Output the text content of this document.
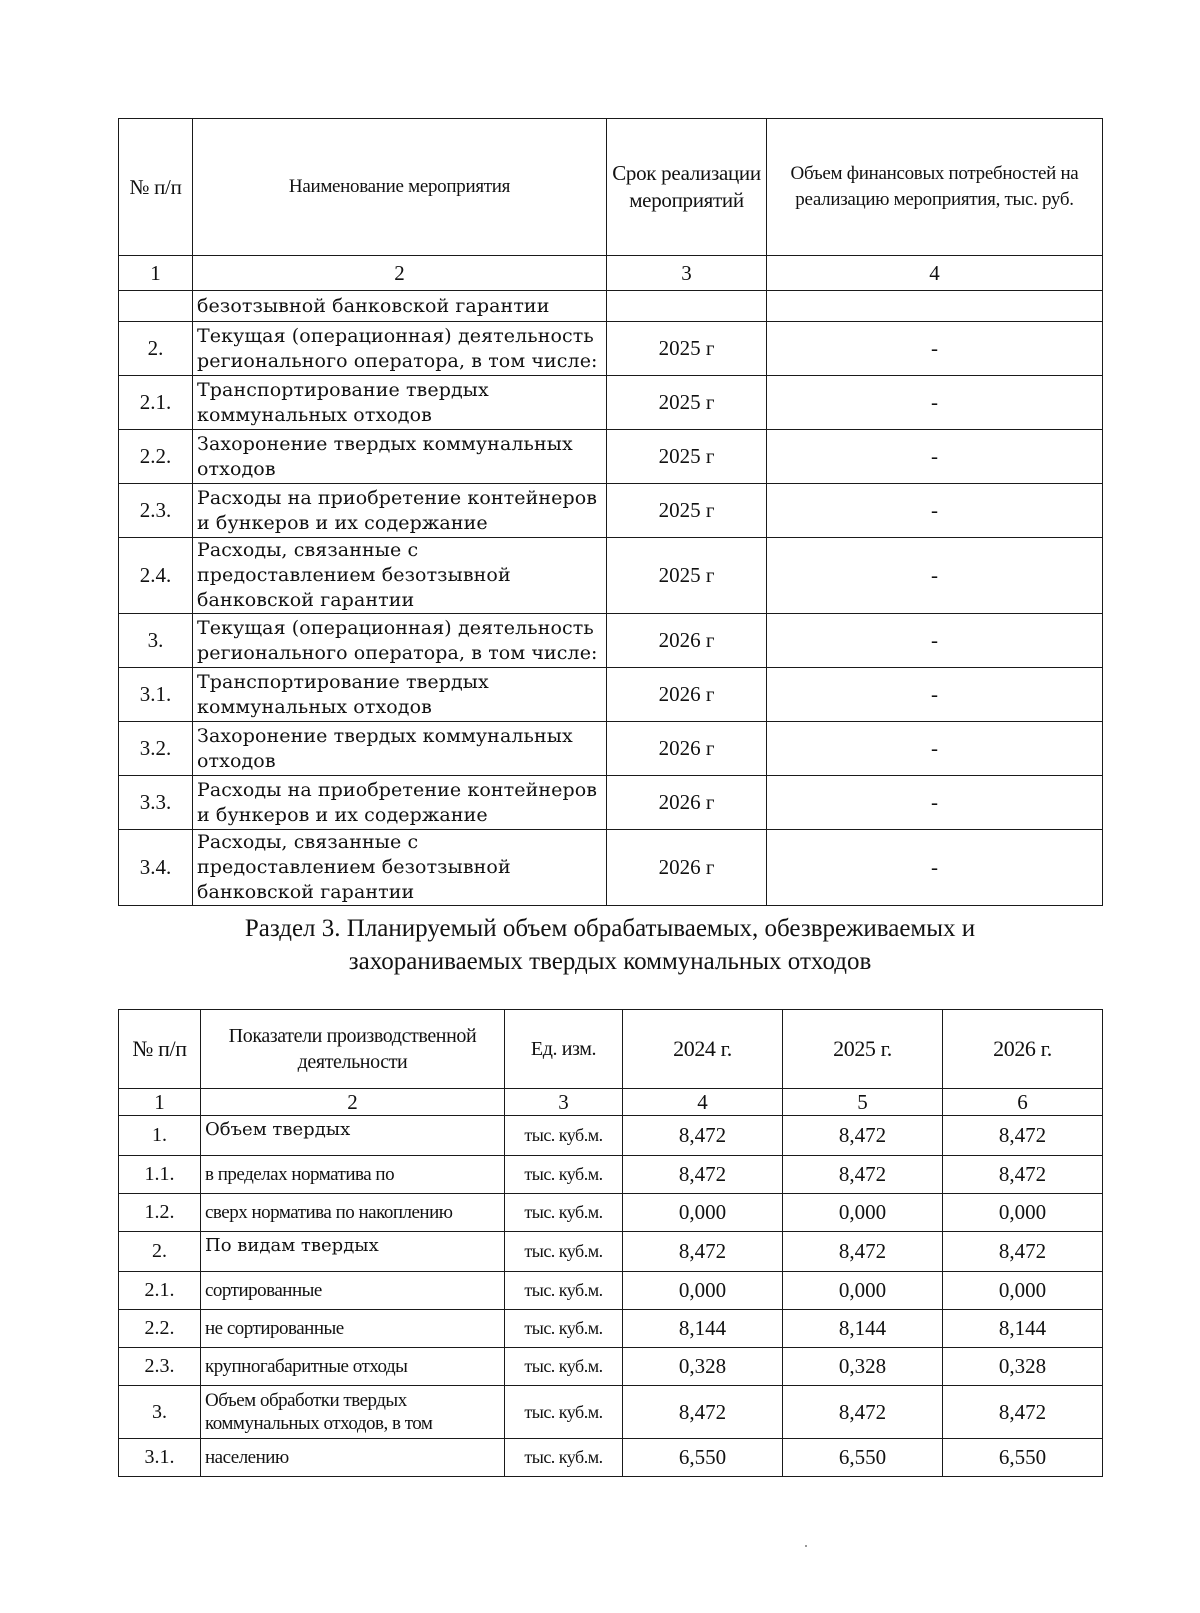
№ п/п	Наименование мероприятия	Срок реализации мероприятий	Объем финансовых потребностей на реализацию мероприятия, тыс. руб.
1	2	3	4
	безотзывной банковской гарантии		
2.	Текущая (операционная) деятельность регионального оператора, в том числе:	2025 г	-
2.1.	Транспортирование твердых коммунальных отходов	2025 г	-
2.2.	Захоронение твердых коммунальных отходов	2025 г	-
2.3.	Расходы на приобретение контейнеров и бункеров и их содержание	2025 г	-
2.4.	Расходы, связанные с предоставлением безотзывной банковской гарантии	2025 г	-
3.	Текущая (операционная) деятельность регионального оператора, в том числе:	2026 г	-
3.1.	Транспортирование твердых коммунальных отходов	2026 г	-
3.2.	Захоронение твердых коммунальных отходов	2026 г	-
3.3.	Расходы на приобретение контейнеров и бункеров и их содержание	2026 г	-
3.4.	Расходы, связанные с предоставлением безотзывной банковской гарантии	2026 г	-
Раздел 3. Планируемый объем обрабатываемых, обезвреживаемых и
захораниваемых твердых коммунальных отходов
№ п/п	Показатели производственной деятельности	Ед. изм.	2024 г.	2025 г.	2026 г.
1	2	3	4	5	6
1.	Объем твердых	тыс. куб.м.	8,472	8,472	8,472
1.1.	в пределах норматива по	тыс. куб.м.	8,472	8,472	8,472
1.2.	сверх норматива по накоплению	тыс. куб.м.	0,000	0,000	0,000
2.	По видам твердых	тыс. куб.м.	8,472	8,472	8,472
2.1.	сортированные	тыс. куб.м.	0,000	0,000	0,000
2.2.	не сортированные	тыс. куб.м.	8,144	8,144	8,144
2.3.	крупногабаритные отходы	тыс. куб.м.	0,328	0,328	0,328
3.	Объем обработки твердых коммунальных отходов, в том	тыс. куб.м.	8,472	8,472	8,472
3.1.	населению	тыс. куб.м.	6,550	6,550	6,550
